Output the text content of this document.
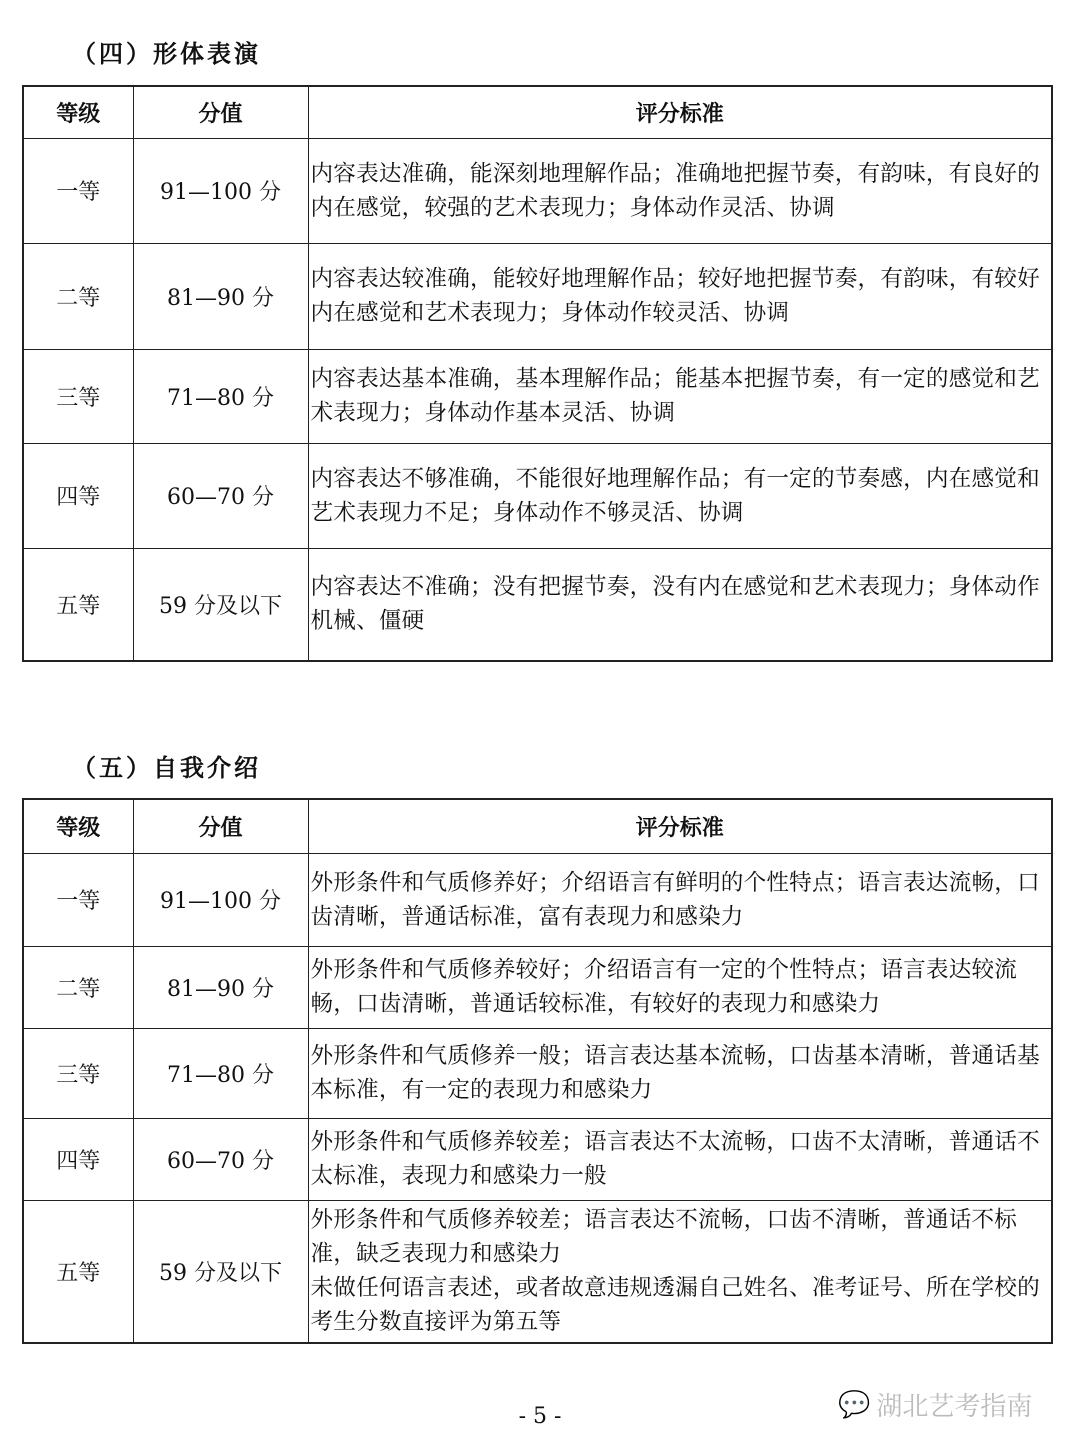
（四）形体表演
等级	分值	评分标准
一等	91—100 分	内容表达准确，能深刻地理解作品；准确地把握节奏，有韵味，有良好的内在感觉，较强的艺术表现力；身体动作灵活、协调
二等	81—90 分	内容表达较准确，能较好地理解作品；较好地把握节奏，有韵味，有较好内在感觉和艺术表现力；身体动作较灵活、协调
三等	71—80 分	内容表达基本准确，基本理解作品；能基本把握节奏，有一定的感觉和艺术表现力；身体动作基本灵活、协调
四等	60—70 分	内容表达不够准确，不能很好地理解作品；有一定的节奏感，内在感觉和艺术表现力不足；身体动作不够灵活、协调
五等	59 分及以下	内容表达不准确；没有把握节奏，没有内在感觉和艺术表现力；身体动作机械、僵硬
（五）自我介绍
等级	分值	评分标准
一等	91—100 分	外形条件和气质修养好；介绍语言有鲜明的个性特点；语言表达流畅，口齿清晰，普通话标准，富有表现力和感染力
二等	81—90 分	外形条件和气质修养较好；介绍语言有一定的个性特点；语言表达较流畅，口齿清晰，普通话较标准，有较好的表现力和感染力
三等	71—80 分	外形条件和气质修养一般；语言表达基本流畅，口齿基本清晰，普通话基本标准，有一定的表现力和感染力
四等	60—70 分	外形条件和气质修养较差；语言表达不太流畅，口齿不太清晰，普通话不太标准，表现力和感染力一般
五等	59 分及以下	外形条件和气质修养较差；语言表达不流畅，口齿不清晰，普通话不标准，缺乏表现力和感染力

未做任何语言表述，或者故意违规透漏自己姓名、准考证号、所在学校的考生分数直接评为第五等

- 5 -	💬 湖北艺考指南
